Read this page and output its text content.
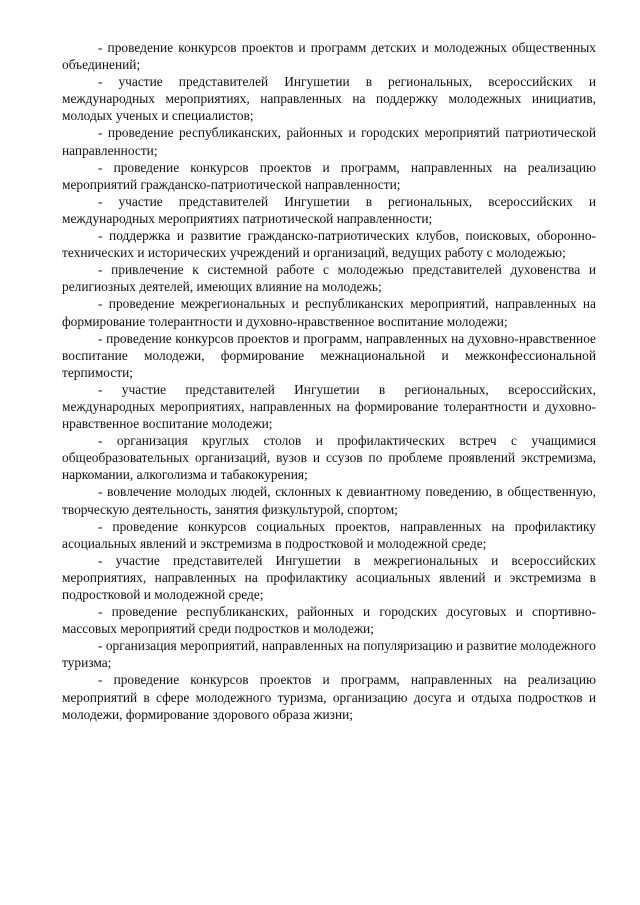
- проведение конкурсов проектов и программ детских и молодежных общественных объединений;

- участие представителей Ингушетии в региональных, всероссийских и международных мероприятиях, направленных на поддержку молодежных инициатив, молодых ученых и специалистов;

- проведение республиканских, районных и городских мероприятий патриотической направленности;

- проведение конкурсов проектов и программ, направленных на реализацию мероприятий гражданско-патриотической направленности;

- участие представителей Ингушетии в региональных, всероссийских и международных мероприятиях патриотической направленности;

- поддержка и развитие гражданско-патриотических клубов, поисковых, оборонно-технических и исторических учреждений и организаций, ведущих работу с молодежью;

- привлечение к системной работе с молодежью представителей духовенства и религиозных деятелей, имеющих влияние на молодежь;

- проведение межрегиональных и республиканских мероприятий, направленных на формирование толерантности и духовно-нравственное воспитание молодежи;

- проведение конкурсов проектов и программ, направленных на духовно-нравственное воспитание молодежи, формирование межнациональной и межконфессиональной терпимости;

- участие представителей Ингушетии в региональных, всероссийских, международных мероприятиях, направленных на формирование толерантности и духовно-нравственное воспитание молодежи;

- организация круглых столов и профилактических встреч с учащимися общеобразовательных организаций, вузов и ссузов по проблеме проявлений экстремизма, наркомании, алкоголизма и табакокурения;

- вовлечение молодых людей, склонных к девиантному поведению, в общественную, творческую деятельность, занятия физкультурой, спортом;

- проведение конкурсов социальных проектов, направленных на профилактику асоциальных явлений и экстремизма в подростковой и молодежной среде;

- участие представителей Ингушетии в межрегиональных и всероссийских мероприятиях, направленных на профилактику асоциальных явлений и экстремизма в подростковой и молодежной среде;

- проведение республиканских, районных и городских досуговых и спортивно-массовых мероприятий среди подростков и молодежи;

- организация мероприятий, направленных на популяризацию и развитие молодежного туризма;

- проведение конкурсов проектов и программ, направленных на реализацию мероприятий в сфере молодежного туризма, организацию досуга и отдыха подростков и молодежи, формирование здорового образа жизни;
